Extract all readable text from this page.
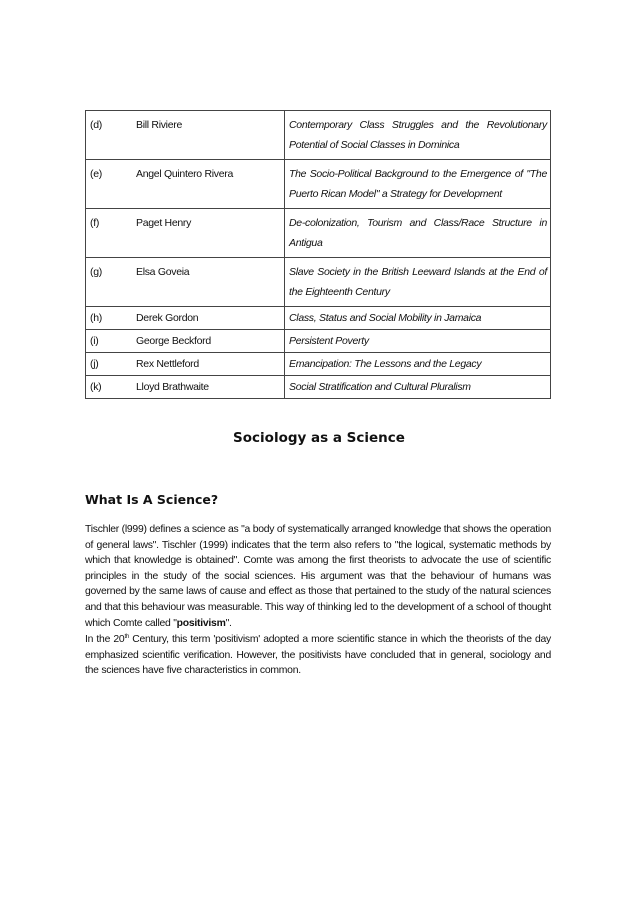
(d)	Bill Riviere	Contemporary Class Struggles and the Revolutionary Potential of Social Classes in Dominica
(e)	Angel Quintero Rivera	The Socio-Political Background to the Emergence of "The Puerto Rican Model" a Strategy for Development
(f)	Paget Henry	De-colonization, Tourism and Class/Race Structure in Antigua
(g)	Elsa Goveia	Slave Society in the British Leeward Islands at the End of the Eighteenth Century
(h)	Derek Gordon	Class, Status and Social Mobility in Jamaica
(i)	George Beckford	Persistent Poverty
(j)	Rex Nettleford	Emancipation: The Lessons and the Legacy
(k)	Lloyd Brathwaite	Social Stratification and Cultural Pluralism
Sociology as a Science
What Is A Science?

Tischler (l999) defines a science as "a body of systematically arranged knowledge that shows the operation of general laws". Tischler (1999) indicates that the term also refers to "the logical, systematic methods by which that knowledge is obtained". Comte was among the first theorists to advocate the use of scientific principles in the study of the social sciences. His argument was that the behaviour of humans was governed by the same laws of cause and effect as those that pertained to the study of the natural sciences and that this behaviour was measurable. This way of thinking led to the development of a school of thought which Comte called "positivism".

In the 20th Century, this term 'positivism' adopted a more scientific stance in which the theorists of the day emphasized scientific verification. However, the positivists have concluded that in general, sociology and the sciences have five characteristics in common.
